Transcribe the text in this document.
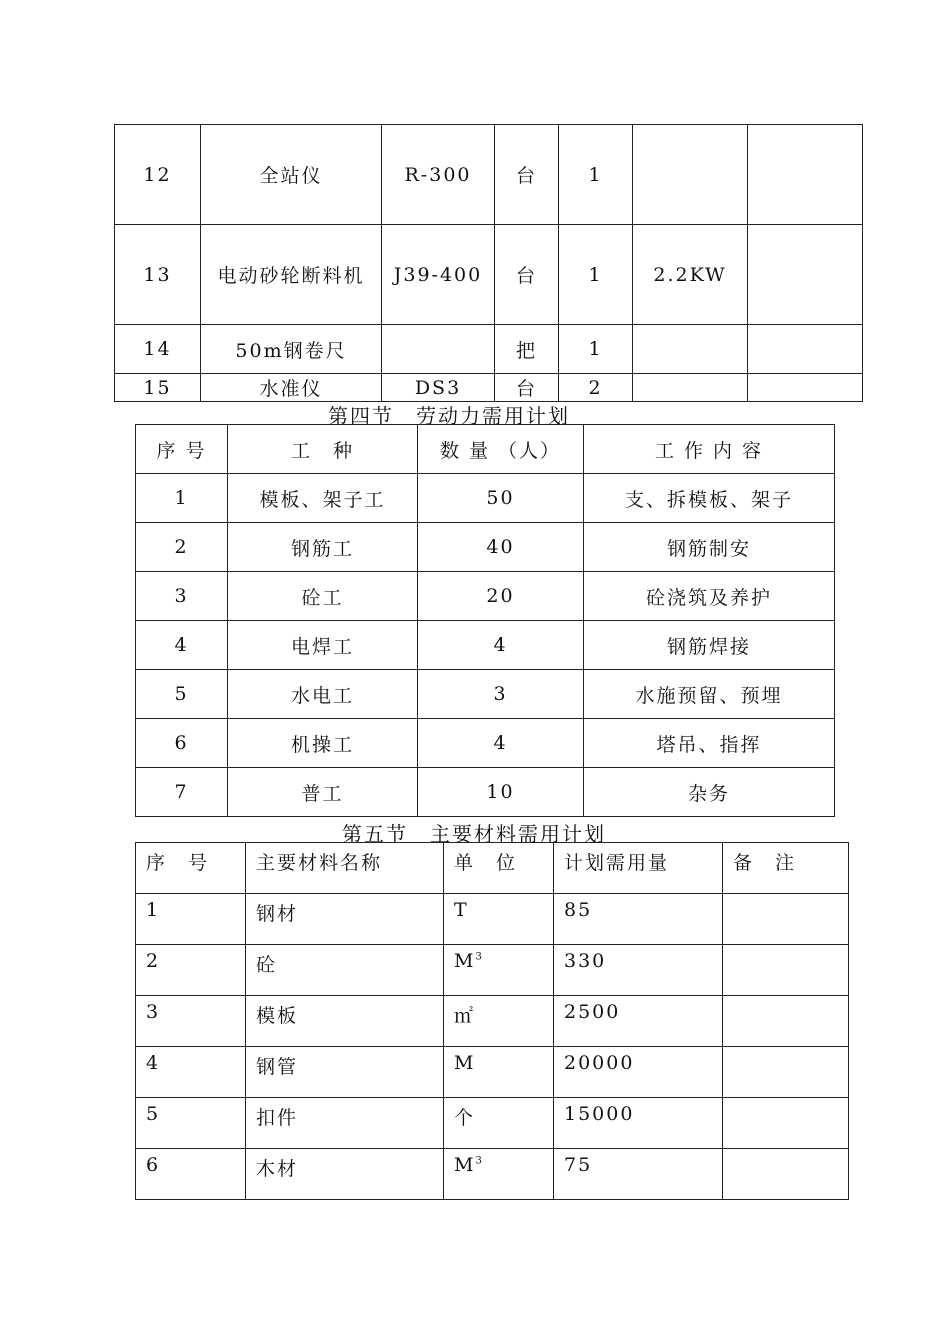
12	全站仪	R-300	台	1		
13	电动砂轮断料机	J39-400	台	1	2.2KW	
14	50m钢卷尺		把	1		
15	水准仪	DS3	台	2		
第四节　劳动力需用计划
序 号	工　种	数 量 （人）	工 作 内 容
1	模板、架子工	50	支、拆模板、架子
2	钢筋工	40	钢筋制安
3	砼工	20	砼浇筑及养护
4	电焊工	4	钢筋焊接
5	水电工	3	水施预留、预埋
6	机操工	4	塔吊、指挥
7	普工	10	杂务
第五节　主要材料需用计划
序　号	主要材料名称	单　位	计划需用量	备　注
1	钢材	T	85	
2	砼	$M^3$	330	
3	模板	㎡	2500	
4	钢管	M	20000	
5	扣件	个	15000	
6	木材	$M^3$	75	
